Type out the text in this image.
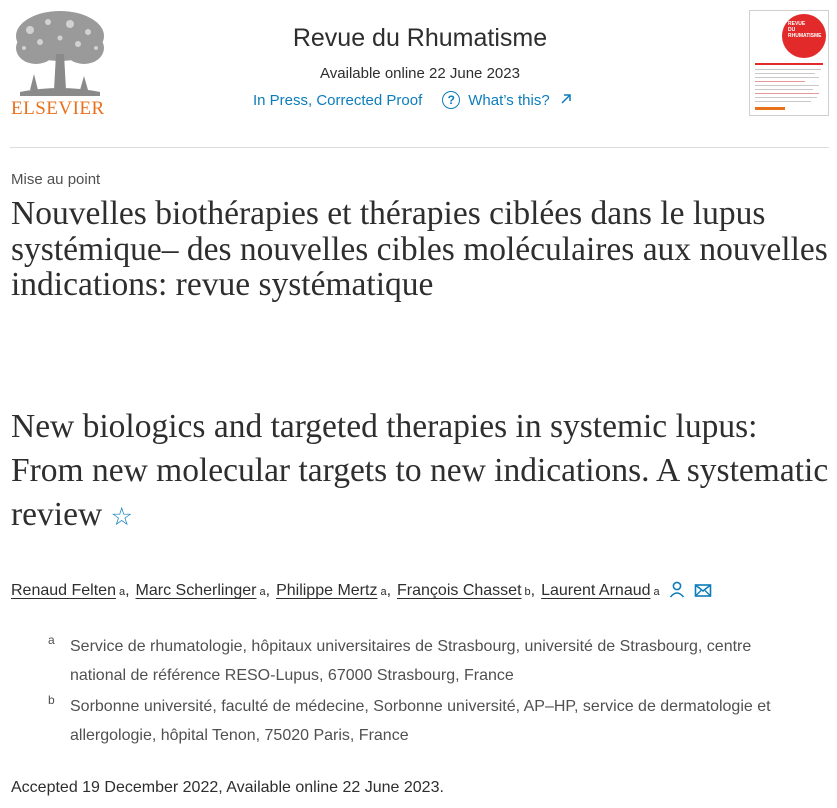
ELSEVIER
Revue du Rhumatisme
Available online 22 June 2023
In Press, Corrected Proof	? What’s this?
REVUE
DU
RHUMATISME
Mise au point
Nouvelles biothérapies et thérapies ciblées dans le lupus systémique– des nouvelles cibles moléculaires aux nouvelles indications: revue systématique
New biologics and targeted therapies in systemic lupus: From new molecular targets to new indications. A systematic review ☆
Renaud Felten a , Marc Scherlinger a , Philippe Mertz a , François Chasset b , Laurent Arnaud a
a Service de rhumatologie, hôpitaux universitaires de Strasbourg, université de Strasbourg, centre national de référence RESO-Lupus, 67000 Strasbourg, France
b Sorbonne université, faculté de médecine, Sorbonne université, AP–HP, service de dermatologie et allergologie, hôpital Tenon, 75020 Paris, France
Accepted 19 December 2022, Available online 22 June 2023.
